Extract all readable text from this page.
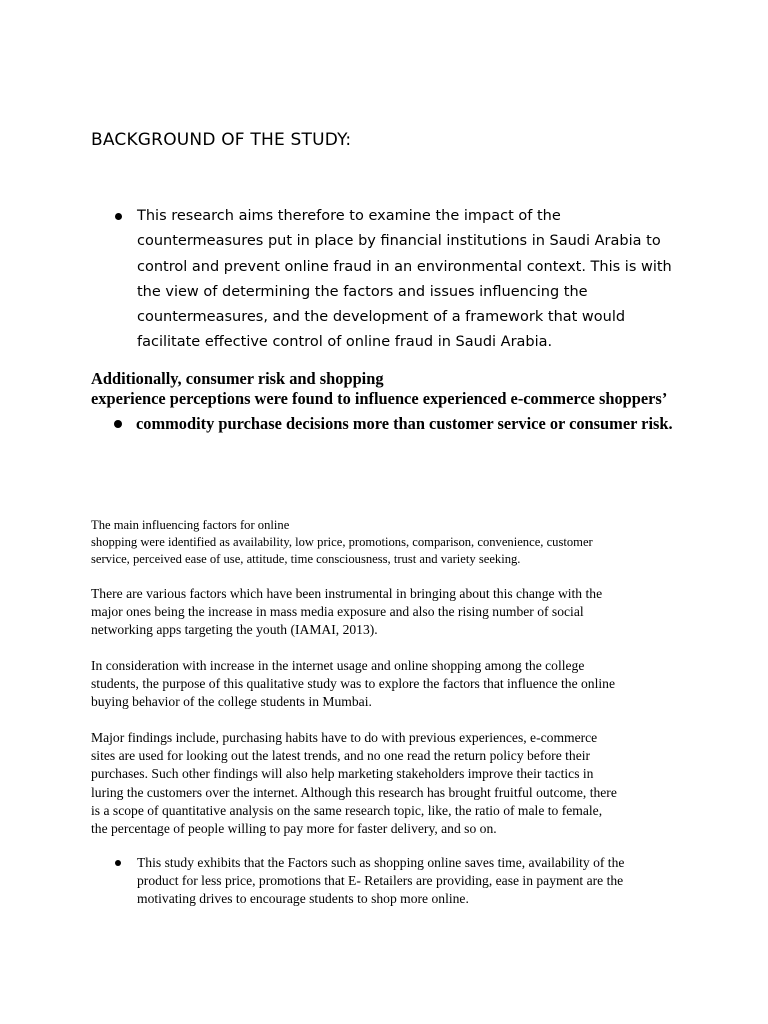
BACKGROUND OF THE STUDY:
This research aims therefore to examine the impact of the
countermeasures put in place by financial institutions in Saudi Arabia to
control and prevent online fraud in an environmental context. This is with
the view of determining the factors and issues influencing the
countermeasures, and the development of a framework that would
facilitate effective control of online fraud in Saudi Arabia.

Additionally, consumer risk and shopping
experience perceptions were found to influence experienced e-commerce shoppers’

commodity purchase decisions more than customer service or consumer risk.

The main influencing factors for online
shopping were identified as availability, low price, promotions, comparison, convenience, customer
service, perceived ease of use, attitude, time consciousness, trust and variety seeking.

There are various factors which have been instrumental in bringing about this change with the
major ones being the increase in mass media exposure and also the rising number of social
networking apps targeting the youth (IAMAI, 2013).

In consideration with increase in the internet usage and online shopping among the college
students, the purpose of this qualitative study was to explore the factors that influence the online
buying behavior of the college students in Mumbai.

Major findings include, purchasing habits have to do with previous experiences, e-commerce
sites are used for looking out the latest trends, and no one read the return policy before their
purchases. Such other findings will also help marketing stakeholders improve their tactics in
luring the customers over the internet. Although this research has brought fruitful outcome, there
is a scope of quantitative analysis on the same research topic, like, the ratio of male to female,
the percentage of people willing to pay more for faster delivery, and so on.

This study exhibits that the Factors such as shopping online saves time, availability of the
product for less price, promotions that E- Retailers are providing, ease in payment are the
motivating drives to encourage students to shop more online.
